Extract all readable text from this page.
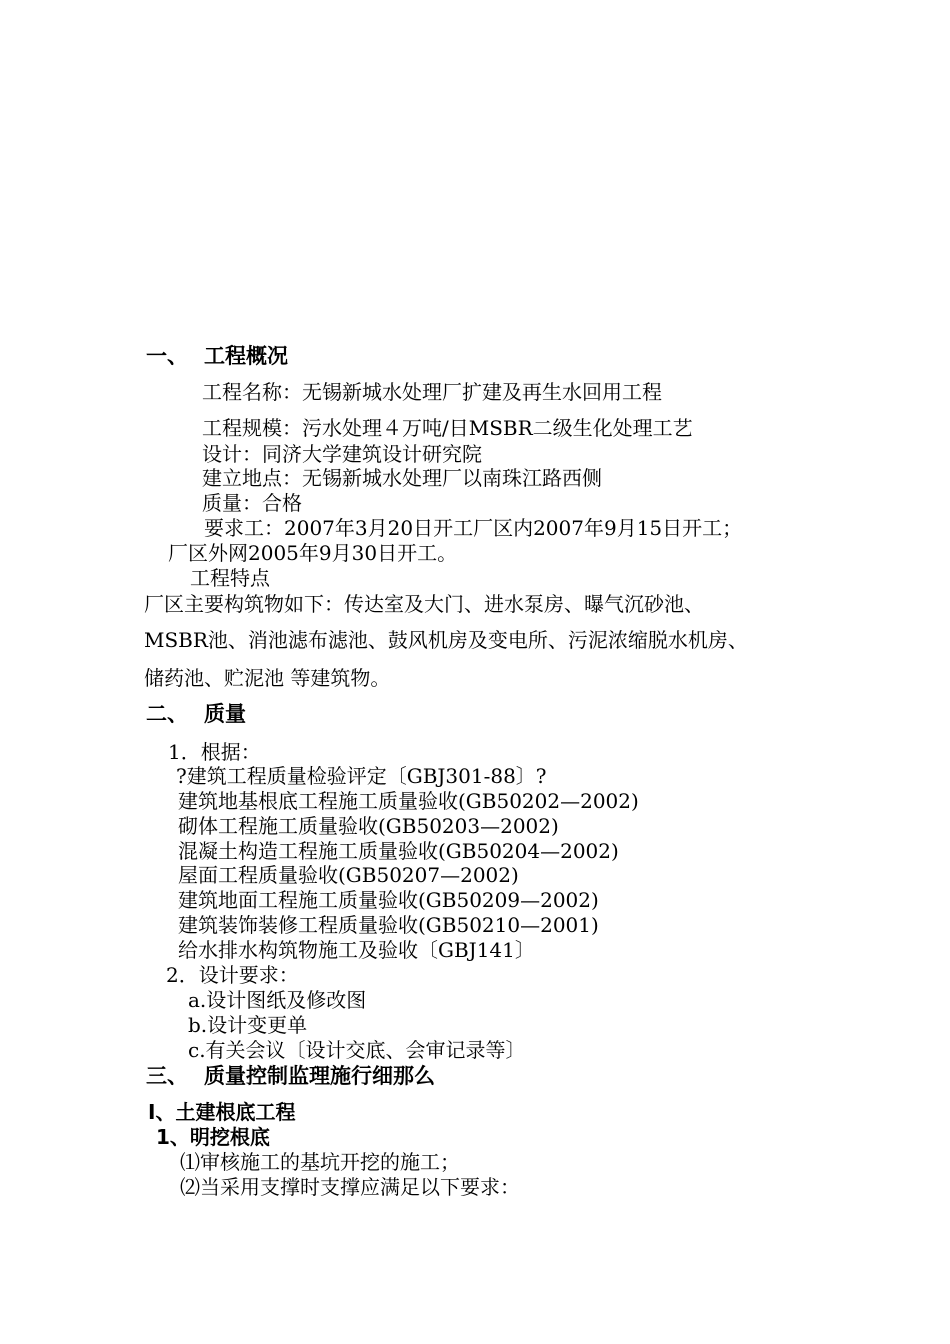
一、 工程概况
工程名称：无锡新城水处理厂扩建及再生水回用工程
工程规模：污水处理４万吨/日MSBR二级生化处理工艺
设计：同济大学建筑设计研究院
建立地点：无锡新城水处理厂以南珠江路西侧
质量：合格
要求工：2007年3月20日开工厂区内2007年9月15日开工；
厂区外网2005年9月30日开工。
工程特点
厂区主要构筑物如下：传达室及大门、进水泵房、曝气沉砂池、
MSBR池、消池滤布滤池、鼓风机房及变电所、污泥浓缩脱水机房、
储药池、贮泥池 等建筑物。
二、 质量
1．根据：
?建筑工程质量检验评定〔GBJ301-88〕?
建筑地基根底工程施工质量验收(GB50202—2002)
砌体工程施工质量验收(GB50203—2002)
混凝土构造工程施工质量验收(GB50204—2002)
屋面工程质量验收(GB50207—2002)
建筑地面工程施工质量验收(GB50209—2002)
建筑装饰装修工程质量验收(GB50210—2001)
给水排水构筑物施工及验收〔GBJ141〕
2．设计要求：
a.设计图纸及修改图
b.设计变更单
c.有关会议〔设计交底、会审记录等〕
三、 质量控制监理施行细那么
Ⅰ、土建根底工程
1、明挖根底
⑴审核施工的基坑开挖的施工；
⑵当采用支撑时支撑应满足以下要求：
